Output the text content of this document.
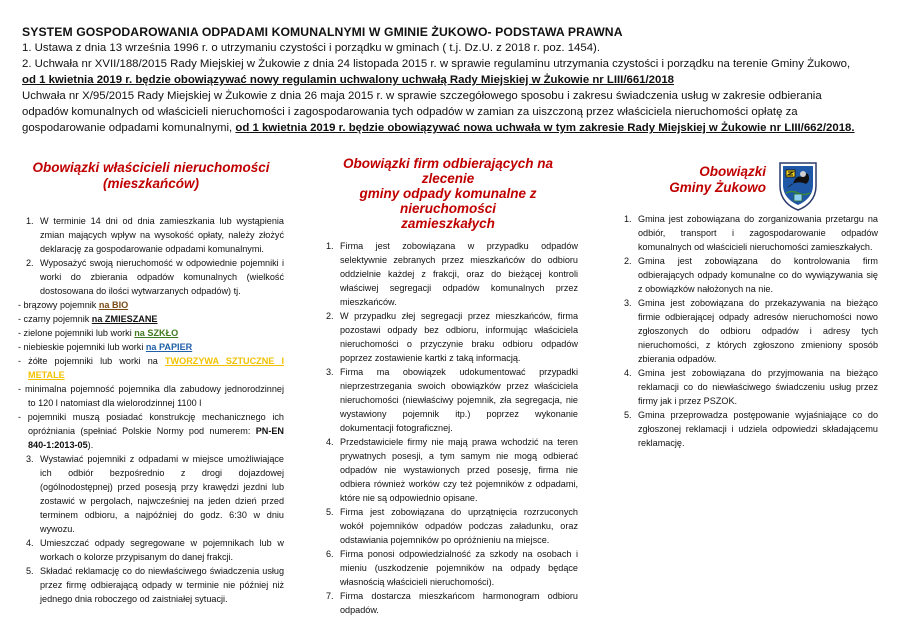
SYSTEM GOSPODAROWANIA ODPADAMI KOMUNALNYMI W GMINIE ŻUKOWO- PODSTAWA PRAWNA

1. Ustawa z dnia 13 września 1996 r. o utrzymaniu czystości i porządku w gminach ( t.j. Dz.U. z 2018 r. poz. 1454).

2. Uchwała nr XVII/188/2015 Rady Miejskiej w Żukowie z dnia 24 listopada 2015 r. w sprawie regulaminu utrzymania czystości i porządku na terenie Gminy Żukowo,

od 1 kwietnia 2019 r. będzie obowiązywać nowy regulamin uchwalony uchwałą Rady Miejskiej w Żukowie nr LIII/661/2018

Uchwała nr X/95/2015 Rady Miejskiej w Żukowie z dnia 26 maja 2015 r. w sprawie szczegółowego sposobu i zakresu świadczenia usług w zakresie odbierania

odpadów komunalnych od właścicieli nieruchomości i zagospodarowania tych odpadów w zamian za uiszczoną przez właściciela nieruchomości opłatę za

gospodarowanie odpadami komunalnymi, od 1 kwietnia 2019 r. będzie obowiązywać nowa uchwała w tym zakresie Rady Miejskiej w Żukowie nr LIII/662/2018.

Obowiązki właścicieli nieruchomości
(mieszkańców)
1. W terminie 14 dni od dnia zamieszkania lub wystąpienia zmian mających wpływ na wysokość opłaty, należy złożyć deklarację za gospodarowanie odpadami komunalnymi.
2. Wyposażyć swoją nieruchomość w odpowiednie pojemniki i worki do zbierania odpadów komunalnych (wielkość dostosowana do ilości wytwarzanych odpadów) tj.
- brązowy pojemnik na BIO
- czarny pojemnik na ZMIESZANE
- zielone pojemniki lub worki na SZKŁO
- niebieskie pojemniki lub worki na PAPIER
- żółte pojemniki lub worki na TWORZYWA SZTUCZNE I METALE
- minimalna pojemność pojemnika dla zabudowy jednorodzinnej to 120 l natomiast dla wielorodzinnej 1100 l
- pojemniki muszą posiadać konstrukcję mechanicznego ich opróżniania (spełniać Polskie Normy pod numerem: PN-EN 840-1:2013-05).
3. Wystawiać pojemniki z odpadami w miejsce umożliwiające ich odbiór bezpośrednio z drogi dojazdowej (ogólnodostępnej) przed posesją przy krawędzi jezdni lub zostawić w pergolach, najwcześniej na jeden dzień przed terminem odbioru, a najpóźniej do godz. 6:30 w dniu wywozu.
4. Umieszczać odpady segregowane w pojemnikach lub w workach o kolorze przypisanym do danej frakcji.
5. Składać reklamację co do niewłaściwego świadczenia usług przez firmę odbierającą odpady w terminie nie później niż jednego dnia roboczego od zaistniałej sytuacji.
Obowiązki firm odbierających na zlecenie
gminy odpady komunalne z nieruchomości
zamieszkałych
1. Firma jest zobowiązana w przypadku odpadów selektywnie zebranych przez mieszkańców do odbioru oddzielnie każdej z frakcji, oraz do bieżącej kontroli właściwej segregacji odpadów komunalnych przez mieszkańców.
2. W przypadku złej segregacji przez mieszkańców, firma pozostawi odpady bez odbioru, informując właściciela nieruchomości o przyczynie braku odbioru odpadów poprzez zostawienie kartki z taką informacją.
3. Firma ma obowiązek udokumentować przypadki nieprzestrzegania swoich obowiązków przez właściciela nieruchomości (niewłaściwy pojemnik, zła segregacja, nie wystawiony pojemnik itp.) poprzez wykonanie dokumentacji fotograficznej.
4. Przedstawiciele firmy nie mają prawa wchodzić na teren prywatnych posesji, a tym samym nie mogą odbierać odpadów nie wystawionych przed posesję, firma nie odbiera również worków czy też pojemników z odpadami, które nie są odpowiednio opisane.
5. Firma jest zobowiązana do uprzątnięcia rozrzuconych wokół pojemników odpadów podczas załadunku, oraz odstawiania pojemników po opróżnieniu na miejsce.
6. Firma ponosi odpowiedzialność za szkody na osobach i mieniu (uszkodzenie pojemników na odpady będące własnością właścicieli nieruchomości).
7. Firma dostarcza mieszkańcom harmonogram odbioru odpadów.
Obowiązki
Gminy Żukowo
1. Gmina jest zobowiązana do zorganizowania przetargu na odbiór, transport i zagospodarowanie odpadów komunalnych od właścicieli nieruchomości zamieszkałych.
2. Gmina jest zobowiązana do kontrolowania firm odbierających odpady komunalne co do wywiązywania się z obowiązków nałożonych na nie.
3. Gmina jest zobowiązana do przekazywania na bieżąco firmie odbierającej odpady adresów nieruchomości nowo zgłoszonych do odbioru odpadów i adresy tych nieruchomości, z których zgłoszono zmieniony sposób zbierania odpadów.
4. Gmina jest zobowiązana do przyjmowania na bieżąco reklamacji co do niewłaściwego świadczeniu usług przez firmy jak i przez PSZOK.
5. Gmina przeprowadza postępowanie wyjaśniające co do zgłoszonej reklamacji i udziela odpowiedzi składającemu reklamację.
